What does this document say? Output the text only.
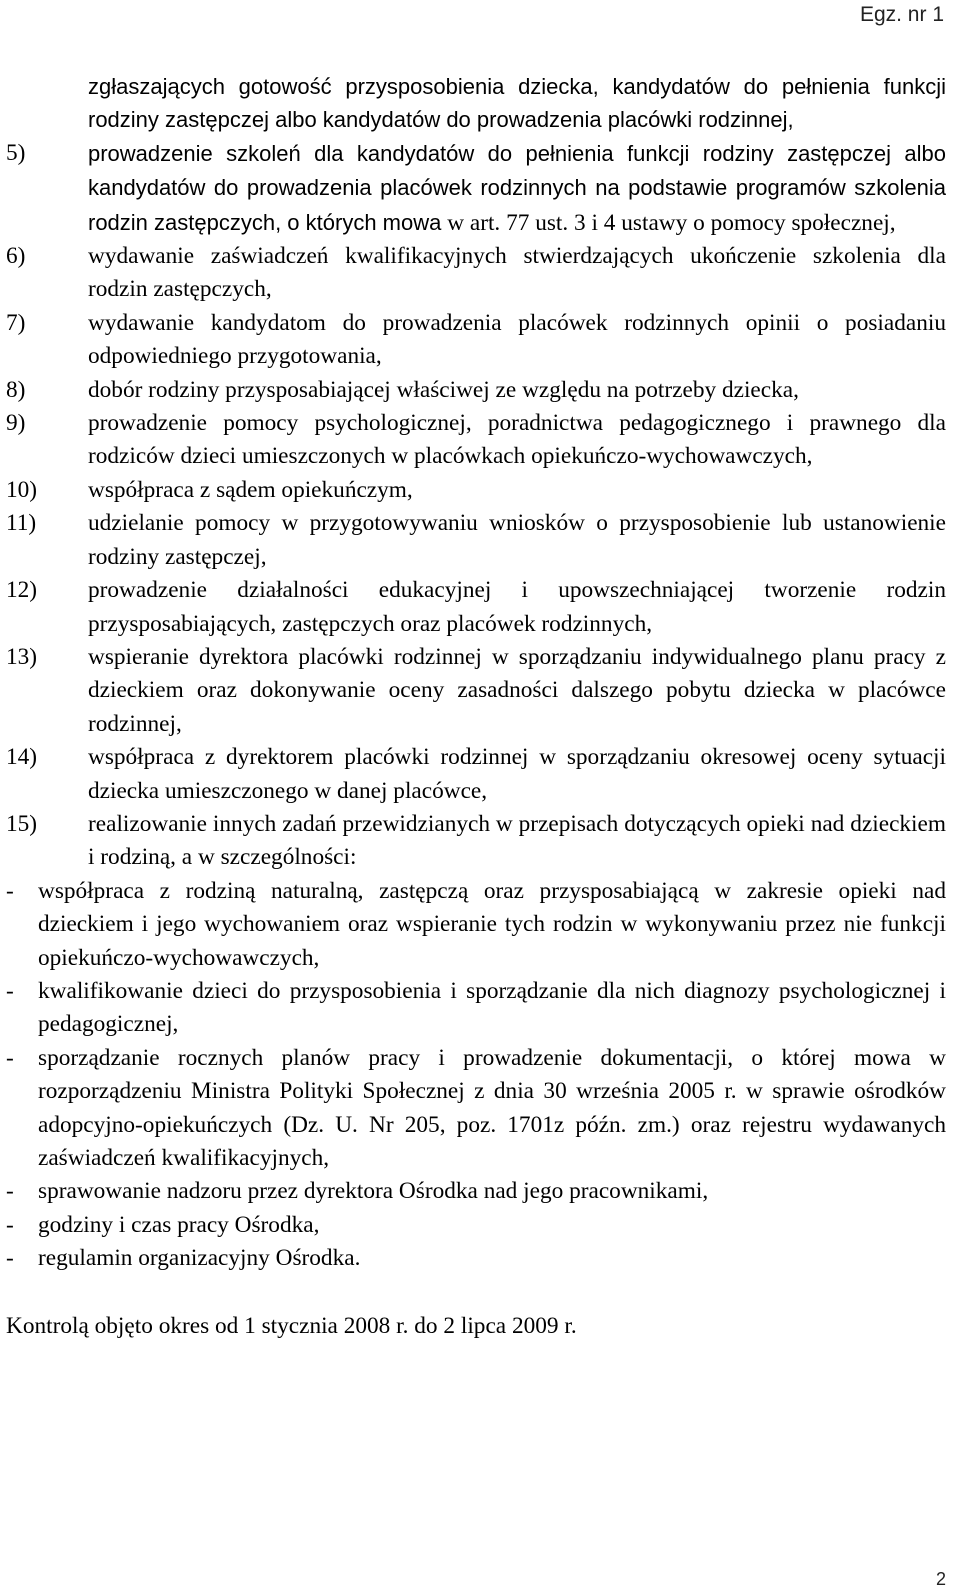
Egz. nr 1
zgłaszających gotowość przysposobienia dziecka, kandydatów do pełnienia funkcji rodziny zastępczej albo kandydatów do prowadzenia placówki rodzinnej,
5)	prowadzenie szkoleń dla kandydatów do pełnienia funkcji rodziny zastępczej albo kandydatów do prowadzenia placówek rodzinnych na podstawie programów szkolenia rodzin zastępczych, o których mowa w art. 77 ust. 3 i 4 ustawy o pomocy społecznej,
6)	wydawanie zaświadczeń kwalifikacyjnych stwierdzających ukończenie szkolenia dla rodzin zastępczych,
7)	wydawanie kandydatom do prowadzenia placówek rodzinnych opinii o posiadaniu odpowiedniego przygotowania,
8)	dobór rodziny przysposabiającej właściwej ze względu na potrzeby dziecka,
9)	prowadzenie pomocy psychologicznej, poradnictwa pedagogicznego i prawnego dla rodziców dzieci umieszczonych w placówkach opiekuńczo-wychowawczych,
10) współpraca z sądem opiekuńczym,
11) udzielanie pomocy w przygotowywaniu wniosków o przysposobienie lub ustanowienie rodziny zastępczej,
12) prowadzenie działalności edukacyjnej i upowszechniającej tworzenie rodzin przysposabiających, zastępczych oraz placówek rodzinnych,
13) wspieranie dyrektora placówki rodzinnej w sporządzaniu indywidualnego planu pracy z dzieckiem oraz dokonywanie oceny zasadności dalszego pobytu dziecka w placówce rodzinnej,
14) współpraca z dyrektorem placówki rodzinnej w sporządzaniu okresowej oceny sytuacji dziecka umieszczonego w danej placówce,
15) realizowanie innych zadań przewidzianych w przepisach dotyczących opieki nad dzieckiem i rodziną, a w szczególności:
- współpraca z rodziną naturalną, zastępczą oraz przysposabiającą w zakresie opieki nad dzieckiem i jego wychowaniem oraz wspieranie tych rodzin w wykonywaniu przez nie funkcji opiekuńczo-wychowawczych,
- kwalifikowanie dzieci do przysposobienia i sporządzanie dla nich diagnozy psychologicznej i pedagogicznej,
- sporządzanie rocznych planów pracy i prowadzenie dokumentacji, o której mowa w rozporządzeniu Ministra Polityki Społecznej z dnia 30 września 2005 r. w sprawie ośrodków adopcyjno-opiekuńczych (Dz. U. Nr 205, poz. 1701z późn. zm.) oraz rejestru wydawanych zaświadczeń kwalifikacyjnych,
- sprawowanie nadzoru przez dyrektora Ośrodka nad jego pracownikami,
- godziny i czas pracy Ośrodka,
- regulamin organizacyjny Ośrodka.
Kontrolą objęto okres od 1 stycznia 2008 r. do 2 lipca 2009 r.
2
